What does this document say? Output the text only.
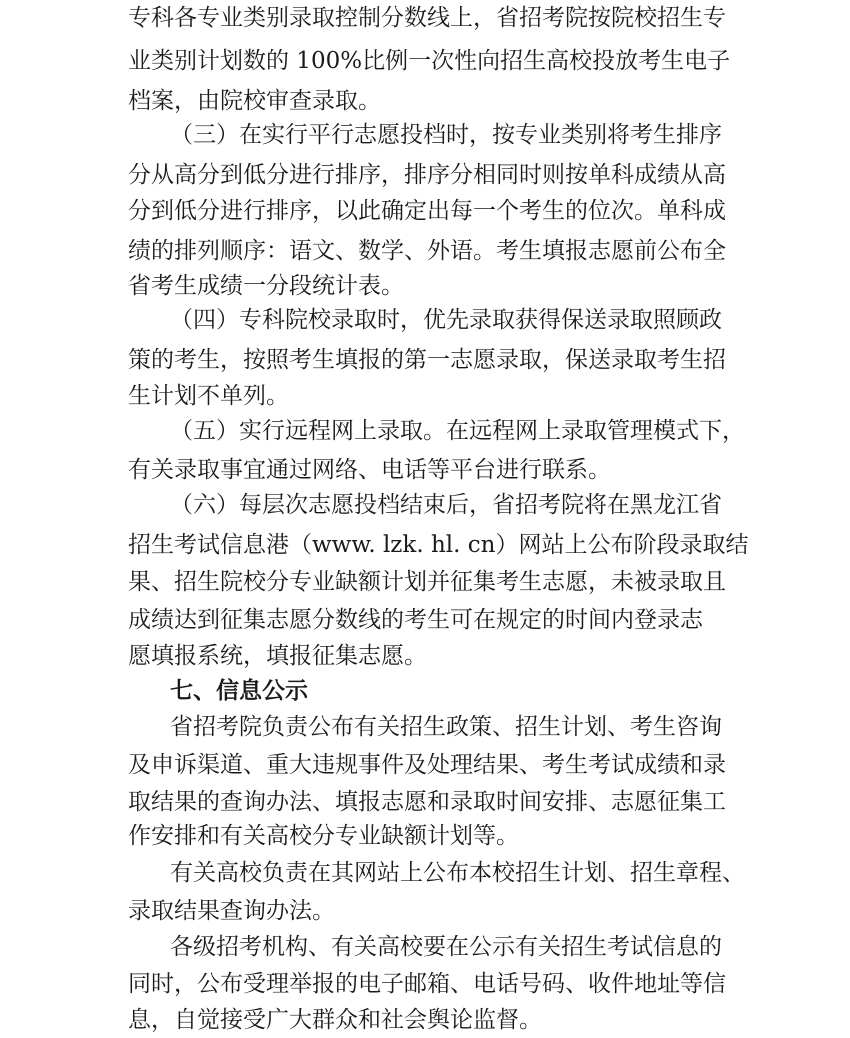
专科各专业类别录取控制分数线上，省招考院按院校招生专
业类别计划数的 100%比例一次性向招生高校投放考生电子
档案，由院校审查录取。
（三）在实行平行志愿投档时，按专业类别将考生排序
分从高分到低分进行排序，排序分相同时则按单科成绩从高
分到低分进行排序，以此确定出每一个考生的位次。单科成
绩的排列顺序：语文、数学、外语。考生填报志愿前公布全
省考生成绩一分段统计表。
（四）专科院校录取时，优先录取获得保送录取照顾政
策的考生，按照考生填报的第一志愿录取，保送录取考生招
生计划不单列。
（五）实行远程网上录取。在远程网上录取管理模式下，
有关录取事宜通过网络、电话等平台进行联系。
（六）每层次志愿投档结束后，省招考院将在黑龙江省
招生考试信息港（www. lzk. hl. cn）网站上公布阶段录取结
果、招生院校分专业缺额计划并征集考生志愿，未被录取且
成绩达到征集志愿分数线的考生可在规定的时间内登录志
愿填报系统，填报征集志愿。
七、信息公示
省招考院负责公布有关招生政策、招生计划、考生咨询
及申诉渠道、重大违规事件及处理结果、考生考试成绩和录
取结果的查询办法、填报志愿和录取时间安排、志愿征集工
作安排和有关高校分专业缺额计划等。
有关高校负责在其网站上公布本校招生计划、招生章程、
录取结果查询办法。
各级招考机构、有关高校要在公示有关招生考试信息的
同时，公布受理举报的电子邮箱、电话号码、收件地址等信
息，自觉接受广大群众和社会舆论监督。
